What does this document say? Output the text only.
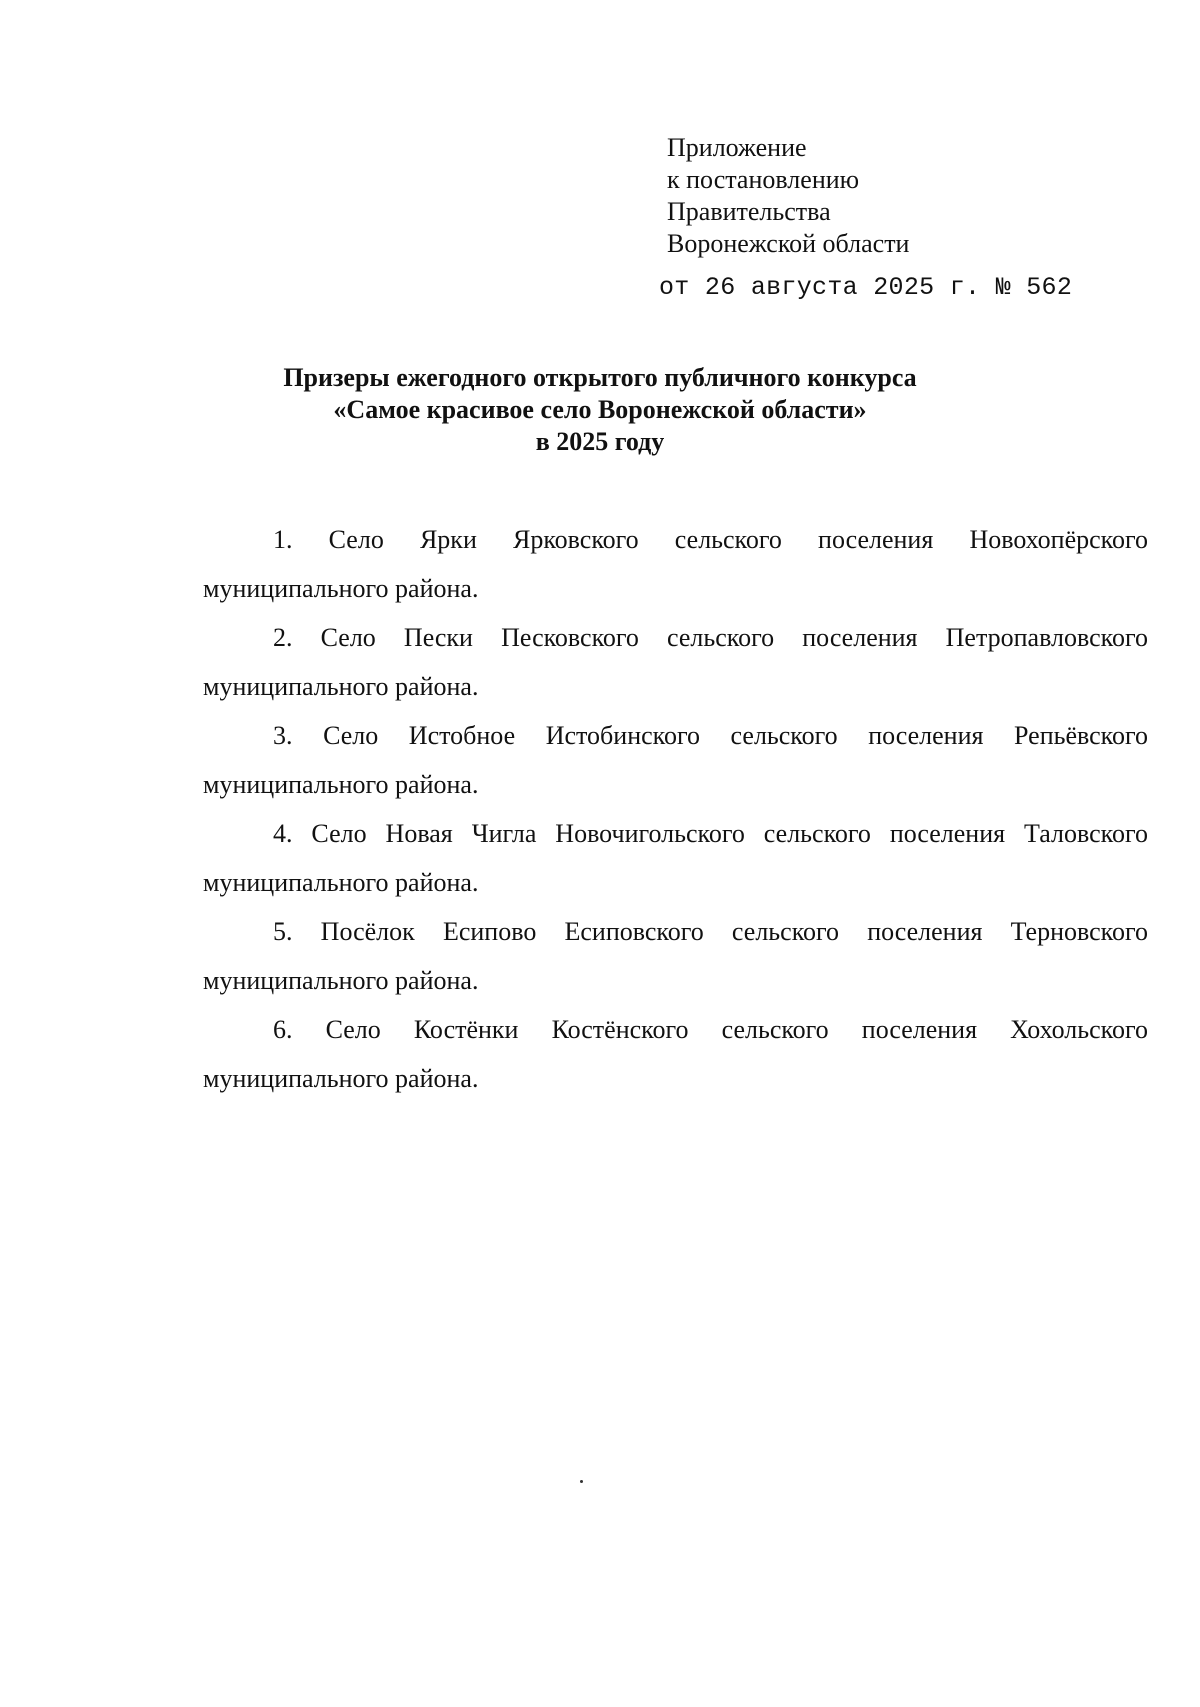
Приложение
к постановлению
Правительства
Воронежской области
от 26 августа 2025 г. № 562
Призеры ежегодного открытого публичного конкурса
«Самое красивое село Воронежской области»
в 2025 году
1. Село Ярки Ярковского сельского поселения Новохопёрского
муниципального района.
2. Село Пески Песковского сельского поселения Петропавловского
муниципального района.
3. Село Истобное Истобинского сельского поселения Репьёвского
муниципального района.
4. Село Новая Чигла Новочигольского сельского поселения Таловского
муниципального района.
5. Посёлок Есипово Есиповского сельского поселения Терновского
муниципального района.
6. Село Костёнки Костёнского сельского поселения Хохольского
муниципального района.
